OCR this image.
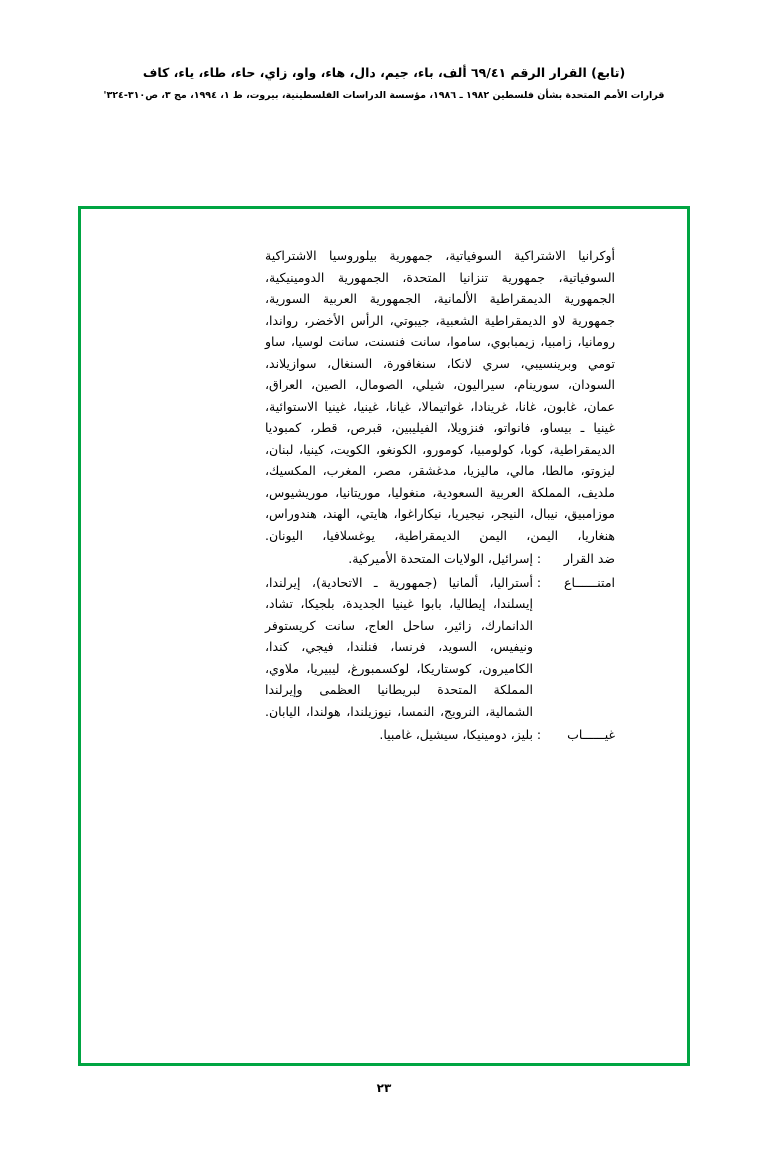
(تابع) القرار الرقم ٦٩/٤١ ألف، باء، جيم، دال، هاء، واو، زاي، حاء، طاء، ياء، كاف
قرارات الأمم المتحدة بشأن فلسطين ١٩٨٢ ـ ١٩٨٦، مؤسسة الدراسات الفلسطينية، بيروت، ط ١، ١٩٩٤، مج ٣، ص٣١٠-٣٢٤'
أوكرانيا الاشتراكية السوفياتية، جمهورية بيلوروسيا الاشتراكية السوفياتية، جمهورية تنزانيا المتحدة، الجمهورية الدومينيكية، الجمهورية الديمقراطية الألمانية، الجمهورية العربية السورية، جمهورية لاو الديمقراطية الشعبية، جيبوتي، الرأس الأخضر، رواندا، رومانيا، زامبيا، زيمبابوي، ساموا، سانت فنسنت، سانت لوسيا، ساو تومي وبرينسيبي، سري لانكا، سنغافورة، السنغال، سوازيلاند، السودان، سورينام، سيراليون، شيلي، الصومال، الصين، العراق، عمان، غابون، غانا، غرينادا، غواتيمالا، غيانا، غينيا، غينيا الاستوائية، غينيا ـ بيساو، فانواتو، فنزويلا، الفيليبين، قبرص، قطر، كمبوديا الديمقراطية، كوبا، كولومبيا، كومورو، الكونغو، الكويت، كينيا، لبنان، ليزوتو، مالطا، مالي، ماليزيا، مدغشقر، مصر، المغرب، المكسيك، ملديف، المملكة العربية السعودية، منغوليا، موريتانيا، موريشيوس، موزامبيق، نيبال، النيجر، نيجيريا، نيكاراغوا، هايتي، الهند، هندوراس، هنغاريا، اليمن، اليمن الديمقراطية، يوغسلافيا، اليونان.
ضد القرار
:
إسرائيل، الولايات المتحدة الأميركية.
امتنــــــاع
:
أستراليا، ألمانيا (جمهورية ـ الاتحادية)، إيرلندا، إيسلندا، إيطاليا، بابوا غينيا الجديدة، بلجيكا، تشاد، الدانمارك، زائير، ساحل العاج، سانت كريستوفر ونيفيس، السويد، فرنسا، فنلندا، فيجي، كندا، الكاميرون، كوستاريكا، لوكسمبورغ، ليبيريا، ملاوي، المملكة المتحدة لبريطانيا العظمى وإيرلندا الشمالية، النرويج، النمسا، نيوزيلندا، هولندا، اليابان.
غيــــــاب
:
بليز، دومينيكا، سيشيل، غامبيا.
٢٣
